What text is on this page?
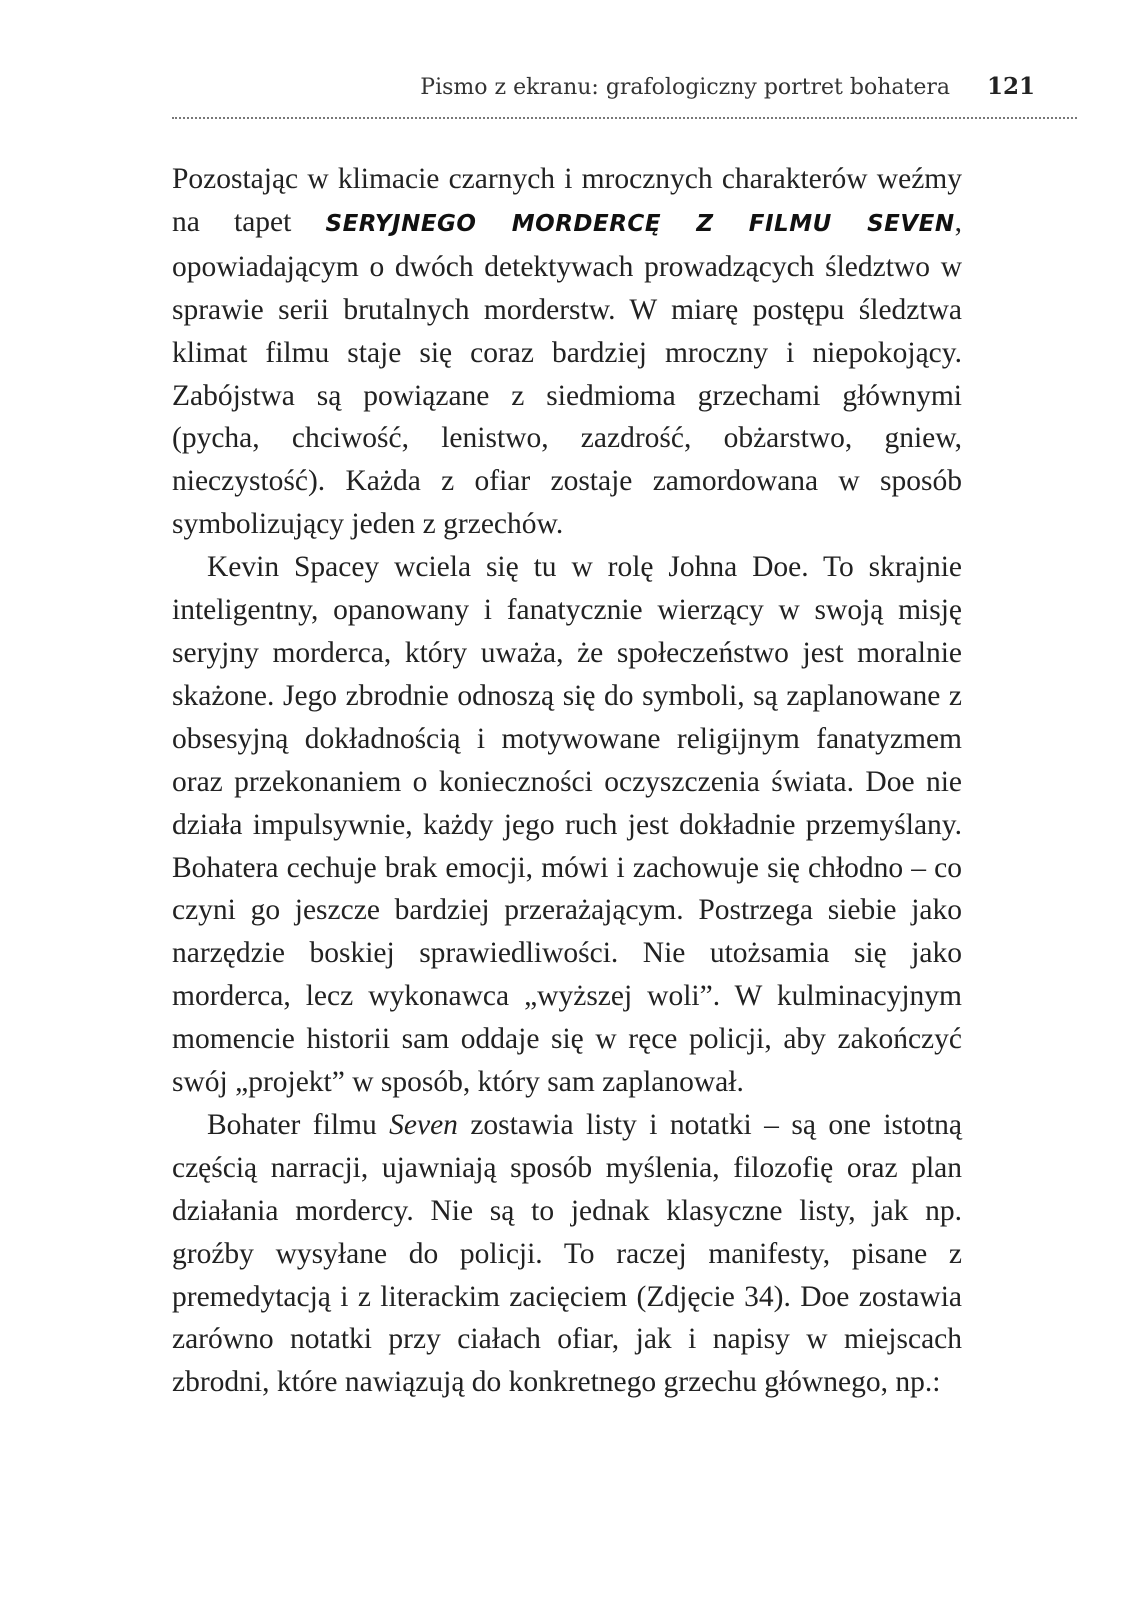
Pismo z ekranu: grafologiczny portret bohatera 121

Pozostając w klimacie czarnych i mrocznych charakterów weźmy na tapet SERYJNEGO MORDERCĘ Z FILMU SEVEN, opowiadającym o dwóch detektywach prowadzących śledztwo w sprawie serii brutalnych morderstw. W miarę postępu śledztwa klimat filmu staje się coraz bardziej mroczny i niepokojący. Zabójstwa są powiązane z siedmioma grzechami głównymi (pycha, chciwość, lenistwo, zazdrość, obżarstwo, gniew, nieczystość). Każda z ofiar zostaje zamordowana w sposób symbolizujący jeden z grzechów.

Kevin Spacey wciela się tu w rolę Johna Doe. To skrajnie inteligentny, opanowany i fanatycznie wierzący w swoją misję seryjny morderca, który uważa, że społeczeństwo jest moralnie skażone. Jego zbrodnie odnoszą się do symboli, są zaplanowane z obsesyjną dokładnością i motywowane religijnym fanatyzmem oraz przekonaniem o konieczności oczyszczenia świata. Doe nie działa impulsywnie, każdy jego ruch jest dokładnie przemyślany. Bohatera cechuje brak emocji, mówi i zachowuje się chłodno – co czyni go jeszcze bardziej przerażającym. Postrzega siebie jako narzędzie boskiej sprawiedliwości. Nie utożsamia się jako morderca, lecz wykonawca „wyższej woli”. W kulminacyjnym momencie historii sam oddaje się w ręce policji, aby zakończyć swój „projekt” w sposób, który sam zaplanował.

Bohater filmu Seven zostawia listy i notatki – są one istotną częścią narracji, ujawniają sposób myślenia, filozofię oraz plan działania mordercy. Nie są to jednak klasyczne listy, jak np. groźby wysyłane do policji. To raczej manifesty, pisane z premedytacją i z literackim zacięciem (Zdjęcie 34). Doe zostawia zarówno notatki przy ciałach ofiar, jak i napisy w miejscach zbrodni, które nawiązują do konkretnego grzechu głównego, np.:
